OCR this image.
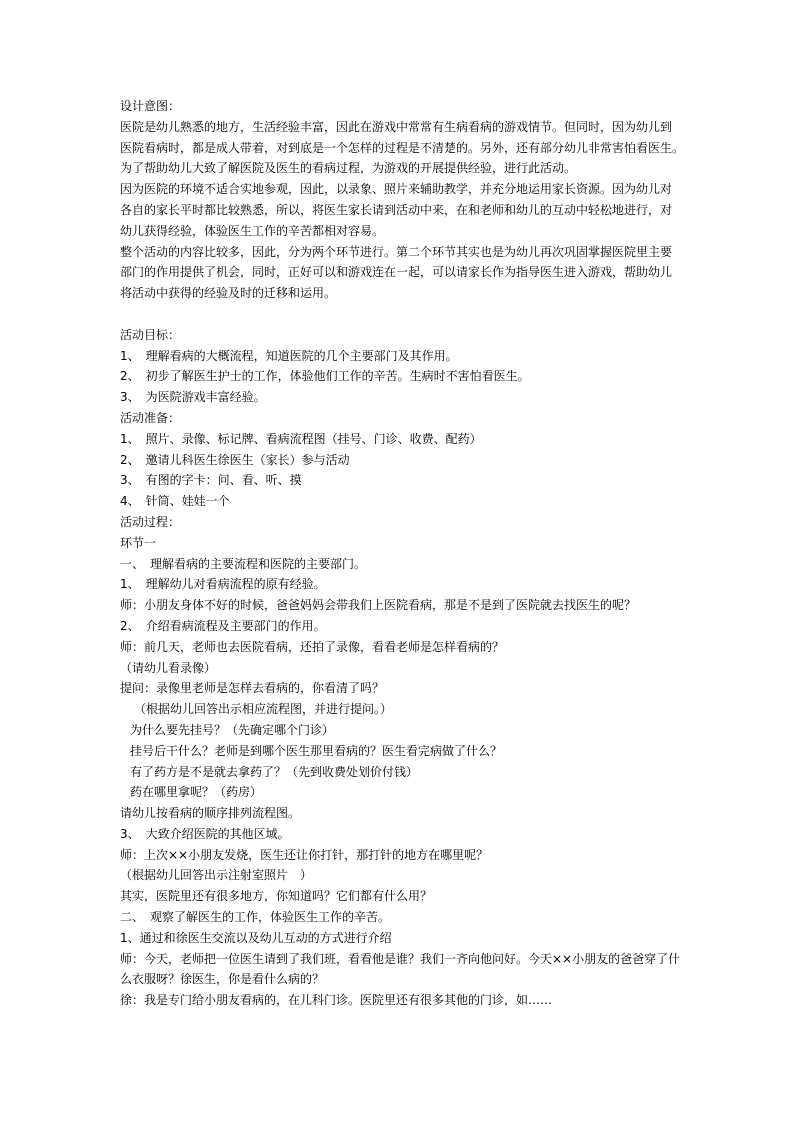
设计意图：
医院是幼儿熟悉的地方，生活经验丰富，因此在游戏中常常有生病看病的游戏情节。但同时，因为幼儿到
医院看病时，都是成人带着，对到底是一个怎样的过程是不清楚的。另外，还有部分幼儿非常害怕看医生。
为了帮助幼儿大致了解医院及医生的看病过程，为游戏的开展提供经验，进行此活动。
因为医院的环境不适合实地参观，因此，以录象、照片来辅助教学，并充分地运用家长资源。因为幼儿对
各自的家长平时都比较熟悉，所以，将医生家长请到活动中来，在和老师和幼儿的互动中轻松地进行，对
幼儿获得经验，体验医生工作的辛苦都相对容易。
整个活动的内容比较多，因此，分为两个环节进行。第二个环节其实也是为幼儿再次巩固掌握医院里主要
部门的作用提供了机会，同时，正好可以和游戏连在一起，可以请家长作为指导医生进入游戏，帮助幼儿
将活动中获得的经验及时的迁移和运用。
活动目标：
1、　理解看病的大概流程，知道医院的几个主要部门及其作用。
2、　初步了解医生护士的工作，体验他们工作的辛苦。生病时不害怕看医生。
3、　为医院游戏丰富经验。
活动准备：
1、　照片、录像、标记牌、看病流程图（挂号、门诊、收费、配药）
2、　邀请儿科医生徐医生（家长）参与活动
3、　有图的字卡：问、看、听、摸
4、　针筒、娃娃一个
活动过程：
环节一
一、　理解看病的主要流程和医院的主要部门。
1、　理解幼儿对看病流程的原有经验。
师：小朋友身体不好的时候，爸爸妈妈会带我们上医院看病，那是不是到了医院就去找医生的呢？
2、　介绍看病流程及主要部门的作用。
师：前几天，老师也去医院看病，还拍了录像，看看老师是怎样看病的？
（请幼儿看录像）
提问：录像里老师是怎样去看病的，你看清了吗？
（根据幼儿回答出示相应流程图，并进行提问。）
为什么要先挂号？（先确定哪个门诊）
挂号后干什么？老师是到哪个医生那里看病的？医生看完病做了什么？
有了药方是不是就去拿药了？（先到收费处划价付钱）
药在哪里拿呢？（药房）
请幼儿按看病的顺序排列流程图。
3、　大致介绍医院的其他区域。
师：上次××小朋友发烧，医生还让你打针，那打针的地方在哪里呢？
（根据幼儿回答出示注射室照片　）
其实，医院里还有很多地方，你知道吗？它们都有什么用？
二、　观察了解医生的工作，体验医生工作的辛苦。
1、通过和徐医生交流以及幼儿互动的方式进行介绍
师：今天，老师把一位医生请到了我们班，看看他是谁？我们一齐向他问好。今天××小朋友的爸爸穿了什
么衣服呀？徐医生，你是看什么病的？
徐：我是专门给小朋友看病的，在儿科门诊。医院里还有很多其他的门诊，如……
